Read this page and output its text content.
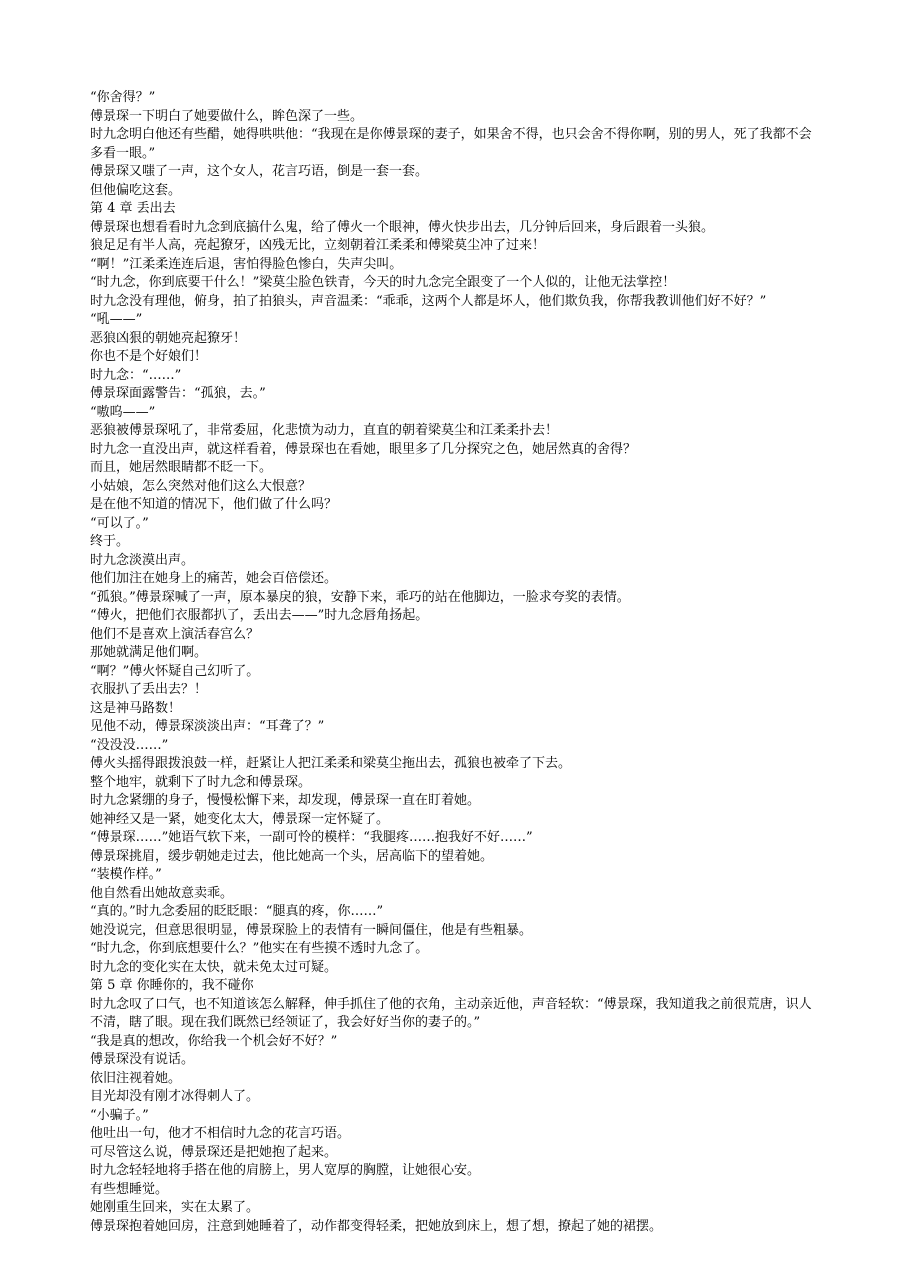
“你舍得？”

傅景琛一下明白了她要做什么，眸色深了一些。

时九念明白他还有些醋，她得哄哄他：“我现在是你傅景琛的妻子，如果舍不得，也只会舍不得你啊，别的男人，死了我都不会多看一眼。”

傅景琛又嗤了一声，这个女人，花言巧语，倒是一套一套。

但他偏吃这套。

第 4 章 丢出去

傅景琛也想看看时九念到底搞什么鬼，给了傅火一个眼神，傅火快步出去，几分钟后回来，身后跟着一头狼。

狼足足有半人高，亮起獠牙，凶残无比，立刻朝着江柔柔和傅梁莫尘冲了过来！

“啊！”江柔柔连连后退，害怕得脸色惨白，失声尖叫。

“时九念，你到底要干什么！”梁莫尘脸色铁青，今天的时九念完全跟变了一个人似的，让他无法掌控！

时九念没有理他，俯身，拍了拍狼头，声音温柔：“乖乖，这两个人都是坏人，他们欺负我，你帮我教训他们好不好？”

“吼——”

恶狼凶狠的朝她亮起獠牙！

你也不是个好娘们！

时九念：“……”

傅景琛面露警告：“孤狼，去。”

“嗷呜——”

恶狼被傅景琛吼了，非常委屈，化悲愤为动力，直直的朝着梁莫尘和江柔柔扑去！

时九念一直没出声，就这样看着，傅景琛也在看她，眼里多了几分探究之色，她居然真的舍得？

而且，她居然眼睛都不眨一下。

小姑娘，怎么突然对他们这么大恨意？

是在他不知道的情况下，他们做了什么吗？

“可以了。”

终于。

时九念淡漠出声。

他们加注在她身上的痛苦，她会百倍偿还。

“孤狼。”傅景琛喊了一声，原本暴戾的狼，安静下来，乖巧的站在他脚边，一脸求夸奖的表情。

“傅火，把他们衣服都扒了，丢出去——”时九念唇角扬起。

他们不是喜欢上演活春宫么？

那她就满足他们啊。

“啊？”傅火怀疑自己幻听了。

衣服扒了丢出去？！

这是神马路数！

见他不动，傅景琛淡淡出声：“耳聋了？”

“没没没……”

傅火头摇得跟拨浪鼓一样，赶紧让人把江柔柔和梁莫尘拖出去，孤狼也被牵了下去。

整个地牢，就剩下了时九念和傅景琛。

时九念紧绷的身子，慢慢松懈下来，却发现，傅景琛一直在盯着她。

她神经又是一紧，她变化太大，傅景琛一定怀疑了。

“傅景琛……”她语气软下来，一副可怜的模样：“我腿疼……抱我好不好……”

傅景琛挑眉，缓步朝她走过去，他比她高一个头，居高临下的望着她。

“装模作样。”

他自然看出她故意卖乖。

“真的。”时九念委屈的眨眨眼：“腿真的疼，你……”

她没说完，但意思很明显，傅景琛脸上的表情有一瞬间僵住，他是有些粗暴。

“时九念，你到底想要什么？”他实在有些摸不透时九念了。

时九念的变化实在太快，就未免太过可疑。

第 5 章 你睡你的，我不碰你

时九念叹了口气，也不知道该怎么解释，伸手抓住了他的衣角，主动亲近他，声音轻软：“傅景琛，我知道我之前很荒唐，识人不清，瞎了眼。现在我们既然已经领证了，我会好好当你的妻子的。”

“我是真的想改，你给我一个机会好不好？”

傅景琛没有说话。

依旧注视着她。

目光却没有刚才冰得刺人了。

“小骗子。”

他吐出一句，他才不相信时九念的花言巧语。

可尽管这么说，傅景琛还是把她抱了起来。

时九念轻轻地将手搭在他的肩膀上，男人宽厚的胸膛，让她很心安。

有些想睡觉。

她刚重生回来，实在太累了。

傅景琛抱着她回房，注意到她睡着了，动作都变得轻柔，把她放到床上，想了想，撩起了她的裙摆。
